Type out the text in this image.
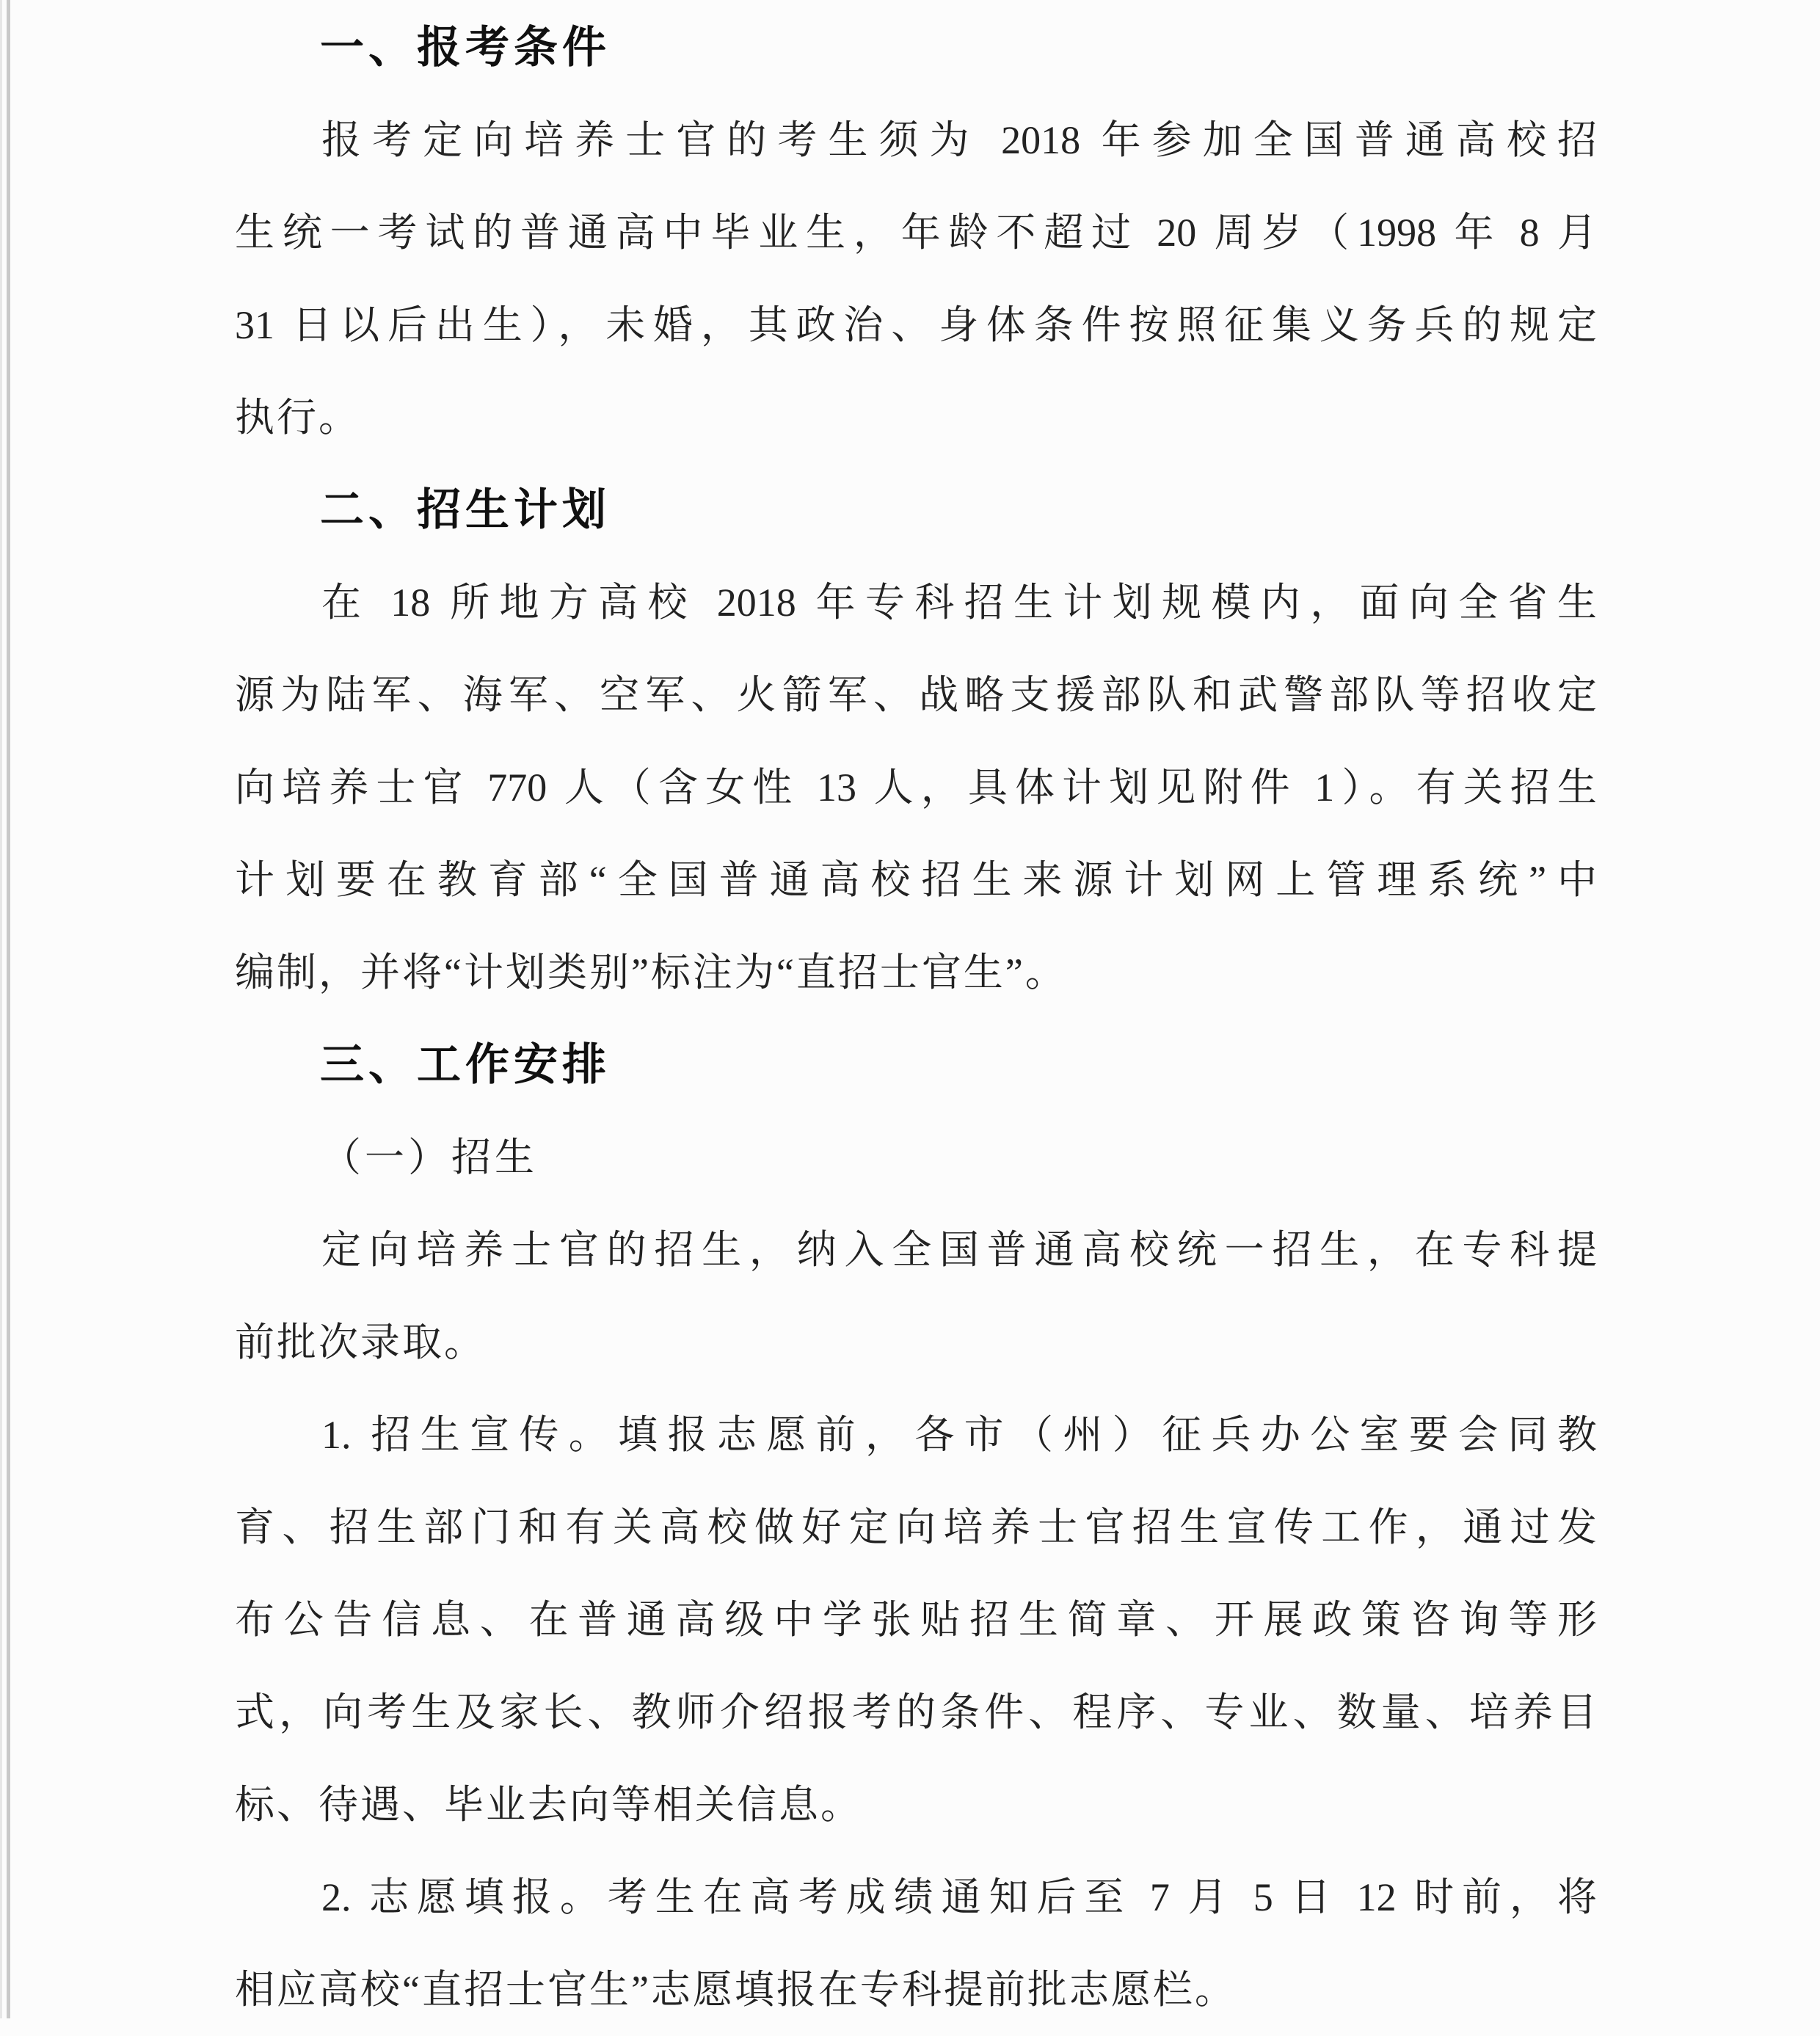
一、报考条件
报考定向培养士官的考生须为 2018 年参加全国普通高校招
生统一考试的普通高中毕业生，年龄不超过 20 周岁（1998 年 8 月
31 日以后出生），未婚，其政治、身体条件按照征集义务兵的规定
执行。
二、招生计划
在 18 所地方高校 2018 年专科招生计划规模内，面向全省生
源为陆军、海军、空军、火箭军、战略支援部队和武警部队等招收定
向培养士官 770 人（含女性 13 人，具体计划见附件 1）。有关招生
计划要在教育部“全国普通高校招生来源计划网上管理系统”中
编制，并将“计划类别”标注为“直招士官生”。
三、工作安排
（一）招生
定向培养士官的招生，纳入全国普通高校统一招生，在专科提
前批次录取。
1. 招生宣传。填报志愿前，各市（州）征兵办公室要会同教
育、招生部门和有关高校做好定向培养士官招生宣传工作，通过发
布公告信息、在普通高级中学张贴招生简章、开展政策咨询等形
式，向考生及家长、教师介绍报考的条件、程序、专业、数量、培养目
标、待遇、毕业去向等相关信息。
2. 志愿填报。考生在高考成绩通知后至 7 月 5 日 12 时前，将
相应高校“直招士官生”志愿填报在专科提前批志愿栏。
